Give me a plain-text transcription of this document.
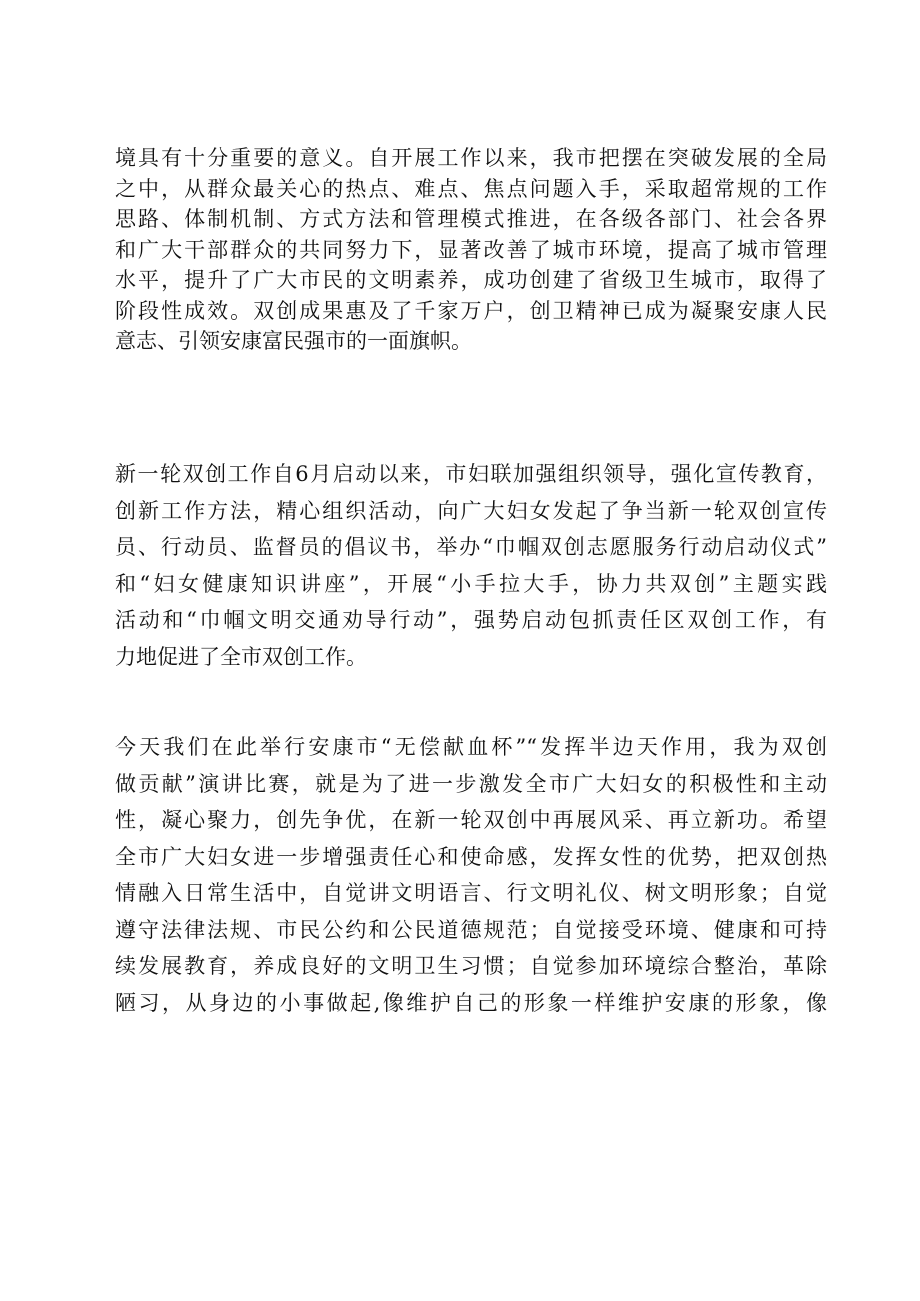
境具有十分重要的意义。自开展工作以来，我市把摆在突破发展的全局
之中，从群众最关心的热点、难点、焦点问题入手，采取超常规的工作
思路、体制机制、方式方法和管理模式推进，在各级各部门、社会各界
和广大干部群众的共同努力下，显著改善了城市环境，提高了城市管理
水平，提升了广大市民的文明素养，成功创建了省级卫生城市，取得了
阶段性成效。双创成果惠及了千家万户，创卫精神已成为凝聚安康人民
意志、引领安康富民强市的一面旗帜。
新一轮双创工作自6月启动以来，市妇联加强组织领导，强化宣传教育，
创新工作方法，精心组织活动，向广大妇女发起了争当新一轮双创宣传
员、行动员、监督员的倡议书，举办“巾帼双创志愿服务行动启动仪式”
和“妇女健康知识讲座”，开展“小手拉大手，协力共双创”主题实践
活动和“巾帼文明交通劝导行动”，强势启动包抓责任区双创工作，有
力地促进了全市双创工作。
今天我们在此举行安康市“无偿献血杯”“发挥半边天作用，我为双创
做贡献”演讲比赛，就是为了进一步激发全市广大妇女的积极性和主动
性，凝心聚力，创先争优，在新一轮双创中再展风采、再立新功。希望
全市广大妇女进一步增强责任心和使命感，发挥女性的优势，把双创热
情融入日常生活中，自觉讲文明语言、行文明礼仪、树文明形象；自觉
遵守法律法规、市民公约和公民道德规范；自觉接受环境、健康和可持
续发展教育，养成良好的文明卫生习惯；自觉参加环境综合整治，革除
陋习，从身边的小事做起,像维护自己的形象一样维护安康的形象，像
